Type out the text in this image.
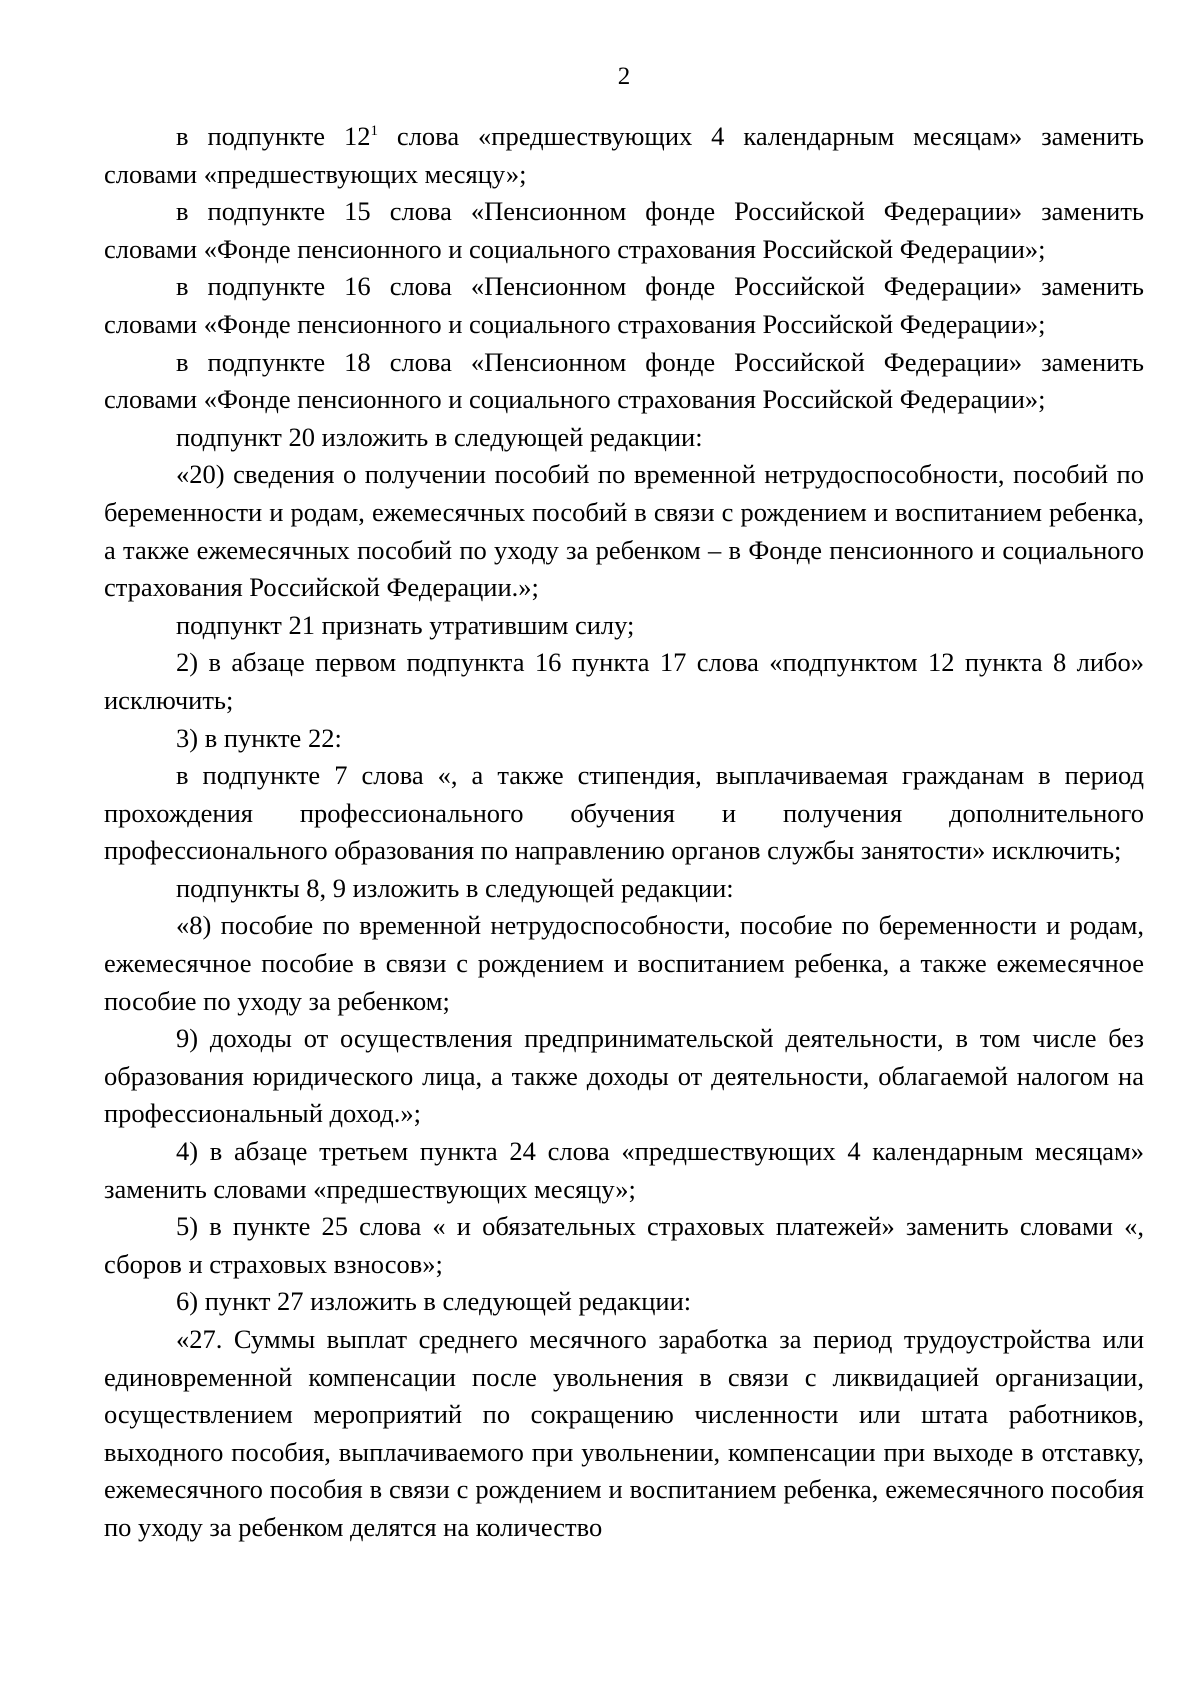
2

в подпункте $12^1$ слова «предшествующих 4 календарным месяцам» заменить словами «предшествующих месяцу»;

в подпункте 15 слова «Пенсионном фонде Российской Федерации» заменить словами «Фонде пенсионного и социального страхования Российской Федерации»;

в подпункте 16 слова «Пенсионном фонде Российской Федерации» заменить словами «Фонде пенсионного и социального страхования Российской Федерации»;

в подпункте 18 слова «Пенсионном фонде Российской Федерации» заменить словами «Фонде пенсионного и социального страхования Российской Федерации»;

подпункт 20 изложить в следующей редакции:

«20) сведения о получении пособий по временной нетрудоспособности, пособий по беременности и родам, ежемесячных пособий в связи с рождением и воспитанием ребенка, а также ежемесячных пособий по уходу за ребенком – в Фонде пенсионного и социального страхования Российской Федерации.»;

подпункт 21 признать утратившим силу;

2) в абзаце первом подпункта 16 пункта 17 слова «подпунктом 12 пункта 8 либо» исключить;

3) в пункте 22:

в подпункте 7 слова «, а также стипендия, выплачиваемая гражданам в период прохождения профессионального обучения и получения дополнительного профессионального образования по направлению органов службы занятости» исключить;

подпункты 8, 9 изложить в следующей редакции:

«8) пособие по временной нетрудоспособности, пособие по беременности и родам, ежемесячное пособие в связи с рождением и воспитанием ребенка, а также ежемесячное пособие по уходу за ребенком;

9) доходы от осуществления предпринимательской деятельности, в том числе без образования юридического лица, а также доходы от деятельности, облагаемой налогом на профессиональный доход.»;

4) в абзаце третьем пункта 24 слова «предшествующих 4 календарным месяцам» заменить словами «предшествующих месяцу»;

5) в пункте 25 слова « и обязательных страховых платежей» заменить словами «, сборов и страховых взносов»;

6) пункт 27 изложить в следующей редакции:

«27. Суммы выплат среднего месячного заработка за период трудоустройства или единовременной компенсации после увольнения в связи с ликвидацией организации, осуществлением мероприятий по сокращению численности или штата работников, выходного пособия, выплачиваемого при увольнении, компенсации при выходе в отставку, ежемесячного пособия в связи с рождением и воспитанием ребенка, ежемесячного пособия по уходу за ребенком делятся на количество
